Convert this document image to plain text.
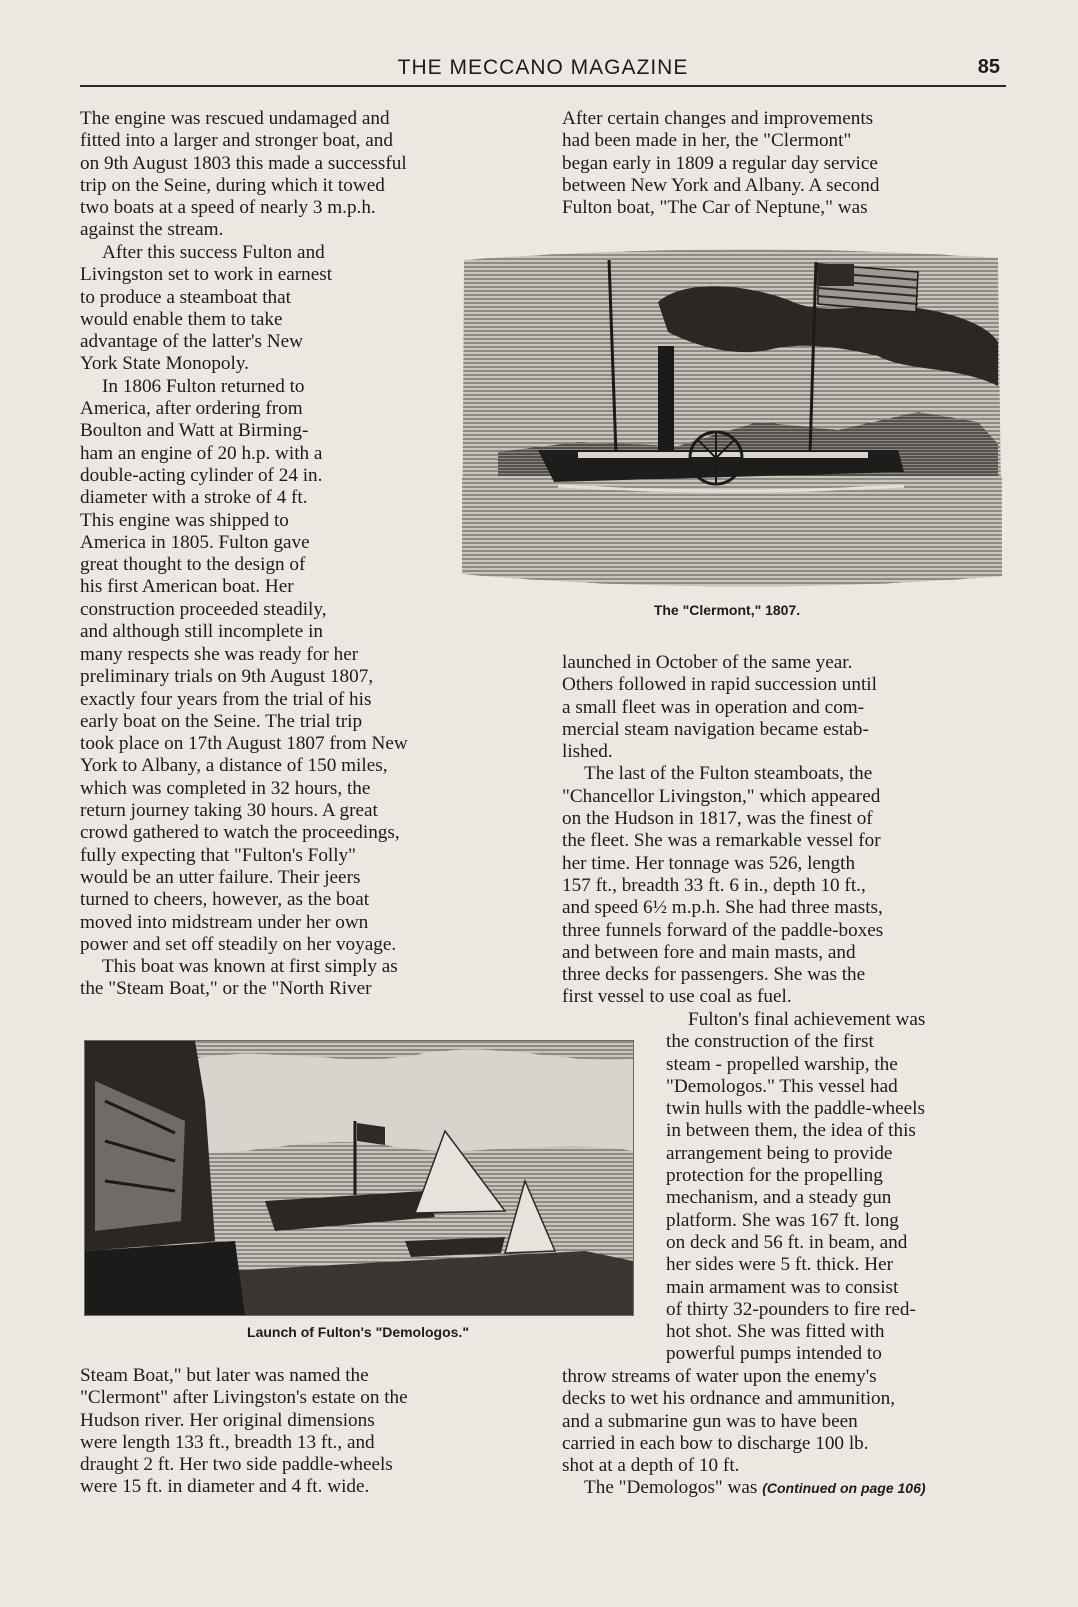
THE MECCANO MAGAZINE	85

The engine was rescued undamaged and

fitted into a larger and stronger boat, and

on 9th August 1803 this made a successful

trip on the Seine, during which it towed

two boats at a speed of nearly 3 m.p.h.

against the stream.

After this success Fulton and

Livingston set to work in earnest

to produce a steamboat that

would enable them to take

advantage of the latter's New

York State Monopoly.

In 1806 Fulton returned to

America, after ordering from

Boulton and Watt at Birming-

ham an engine of 20 h.p. with a

double-acting cylinder of 24 in.

diameter with a stroke of 4 ft.

This engine was shipped to

America in 1805. Fulton gave

great thought to the design of

his first American boat. Her

construction proceeded steadily,

and although still incomplete in

many respects she was ready for her

preliminary trials on 9th August 1807,

exactly four years from the trial of his

early boat on the Seine. The trial trip

took place on 17th August 1807 from New

York to Albany, a distance of 150 miles,

which was completed in 32 hours, the

return journey taking 30 hours. A great

crowd gathered to watch the proceedings,

fully expecting that "Fulton's Folly"

would be an utter failure. Their jeers

turned to cheers, however, as the boat

moved into midstream under her own

power and set off steadily on her voyage.

This boat was known at first simply as

the "Steam Boat," or the "North River

Steam Boat," but later was named the

"Clermont" after Livingston's estate on the

Hudson river. Her original dimensions

were length 133 ft., breadth 13 ft., and

draught 2 ft. Her two side paddle-wheels

were 15 ft. in diameter and 4 ft. wide.

After certain changes and improvements

had been made in her, the "Clermont"

began early in 1809 a regular day service

between New York and Albany. A second

Fulton boat, "The Car of Neptune," was

launched in October of the same year.

Others followed in rapid succession until

a small fleet was in operation and com-

mercial steam navigation became estab-

lished.

The last of the Fulton steamboats, the

"Chancellor Livingston," which appeared

on the Hudson in 1817, was the finest of

the fleet. She was a remarkable vessel for

her time. Her tonnage was 526, length

157 ft., breadth 33 ft. 6 in., depth 10 ft.,

and speed 6½ m.p.h. She had three masts,

three funnels forward of the paddle-boxes

and between fore and main masts, and

three decks for passengers. She was the

first vessel to use coal as fuel.

Fulton's final achievement was

the construction of the first

steam - propelled warship, the

"Demologos." This vessel had

twin hulls with the paddle-wheels

in between them, the idea of this

arrangement being to provide

protection for the propelling

mechanism, and a steady gun

platform. She was 167 ft. long

on deck and 56 ft. in beam, and

her sides were 5 ft. thick. Her

main armament was to consist

of thirty 32-pounders to fire red-

hot shot. She was fitted with

powerful pumps intended to

throw streams of water upon the enemy's

decks to wet his ordnance and ammunition,

and a submarine gun was to have been

carried in each bow to discharge 100 lb.

shot at a depth of 10 ft.

The "Demologos" was (Continued on page 106)

The "Clermont," 1807.
Launch of Fulton's "Demologos."
